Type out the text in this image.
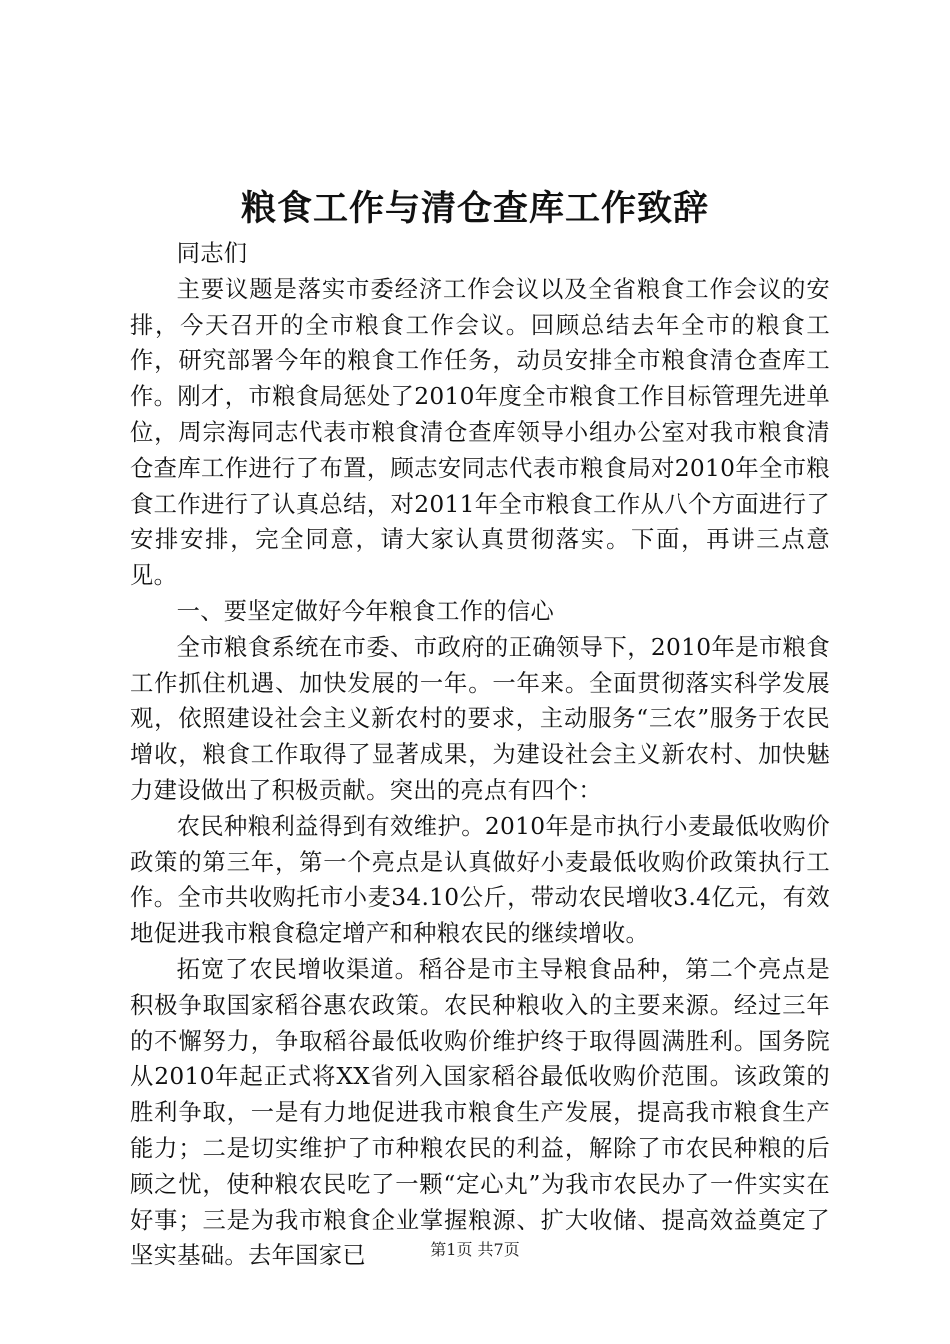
粮食工作与清仓查库工作致辞

同志们

主要议题是落实市委经济工作会议以及全省粮食工作会议的安排，今天召开的全市粮食工作会议。回顾总结去年全市的粮食工作，研究部署今年的粮食工作任务，动员安排全市粮食清仓查库工作。刚才，市粮食局惩处了2010年度全市粮食工作目标管理先进单位，周宗海同志代表市粮食清仓查库领导小组办公室对我市粮食清仓查库工作进行了布置，顾志安同志代表市粮食局对2010年全市粮食工作进行了认真总结，对2011年全市粮食工作从八个方面进行了安排安排，完全同意，请大家认真贯彻落实。下面，再讲三点意见。

一、要坚定做好今年粮食工作的信心

全市粮食系统在市委、市政府的正确领导下，2010年是市粮食工作抓住机遇、加快发展的一年。一年来。全面贯彻落实科学发展观，依照建设社会主义新农村的要求，主动服务“三农”服务于农民增收，粮食工作取得了显著成果，为建设社会主义新农村、加快魅力建设做出了积极贡献。突出的亮点有四个：

农民种粮利益得到有效维护。2010年是市执行小麦最低收购价政策的第三年，第一个亮点是认真做好小麦最低收购价政策执行工作。全市共收购托市小麦34.10公斤，带动农民增收3.4亿元，有效地促进我市粮食稳定增产和种粮农民的继续增收。

拓宽了农民增收渠道。稻谷是市主导粮食品种，第二个亮点是积极争取国家稻谷惠农政策。农民种粮收入的主要来源。经过三年的不懈努力，争取稻谷最低收购价维护终于取得圆满胜利。国务院从2010年起正式将XX省列入国家稻谷最低收购价范围。该政策的胜利争取，一是有力地促进我市粮食生产发展，提高我市粮食生产能力；二是切实维护了市种粮农民的利益，解除了市农民种粮的后顾之忧，使种粮农民吃了一颗“定心丸”为我市农民办了一件实实在好事；三是为我市粮食企业掌握粮源、扩大收储、提高效益奠定了坚实基础。去年国家已	第1页 共7页
